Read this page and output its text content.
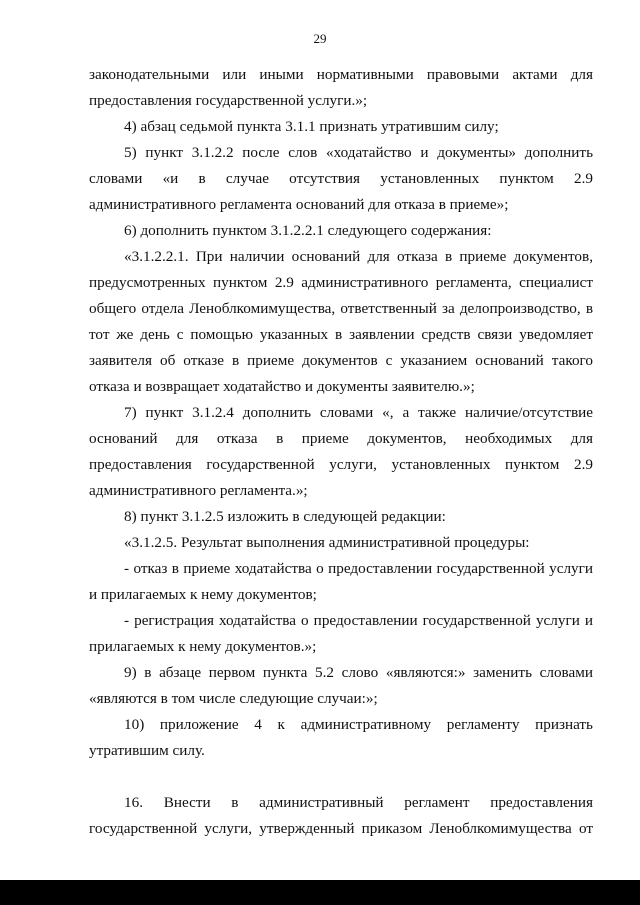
29
законодательными или иными нормативными правовыми актами для
предоставления государственной услуги.»;
4) абзац седьмой пункта 3.1.1 признать утратившим силу;
5) пункт 3.1.2.2 после слов «ходатайство и документы» дополнить
словами «и в случае отсутствия установленных пунктом 2.9
административного регламента оснований для отказа в приеме»;
6) дополнить пунктом 3.1.2.2.1 следующего содержания:
«3.1.2.2.1. При наличии оснований для отказа в приеме документов,
предусмотренных пунктом 2.9 административного регламента, специалист
общего отдела Леноблкомимущества, ответственный за делопроизводство, в
тот же день с помощью указанных в заявлении средств связи уведомляет
заявителя об отказе в приеме документов с указанием оснований такого
отказа и возвращает ходатайство и документы заявителю.»;
7) пункт 3.1.2.4 дополнить словами «, а также наличие/отсутствие
оснований для отказа в приеме документов, необходимых для
предоставления государственной услуги, установленных пунктом 2.9
административного регламента.»;
8) пункт 3.1.2.5 изложить в следующей редакции:
«3.1.2.5. Результат выполнения административной процедуры:
- отказ в приеме ходатайства о предоставлении государственной услуги
и прилагаемых к нему документов;
- регистрация ходатайства о предоставлении государственной услуги и
прилагаемых к нему документов.»;
9) в абзаце первом пункта 5.2 слово «являются:» заменить словами
«являются в том числе следующие случаи:»;
10) приложение 4 к административному регламенту признать
утратившим силу.
16. Внести в административный регламент предоставления
государственной услуги, утвержденный приказом Леноблкомимущества от
